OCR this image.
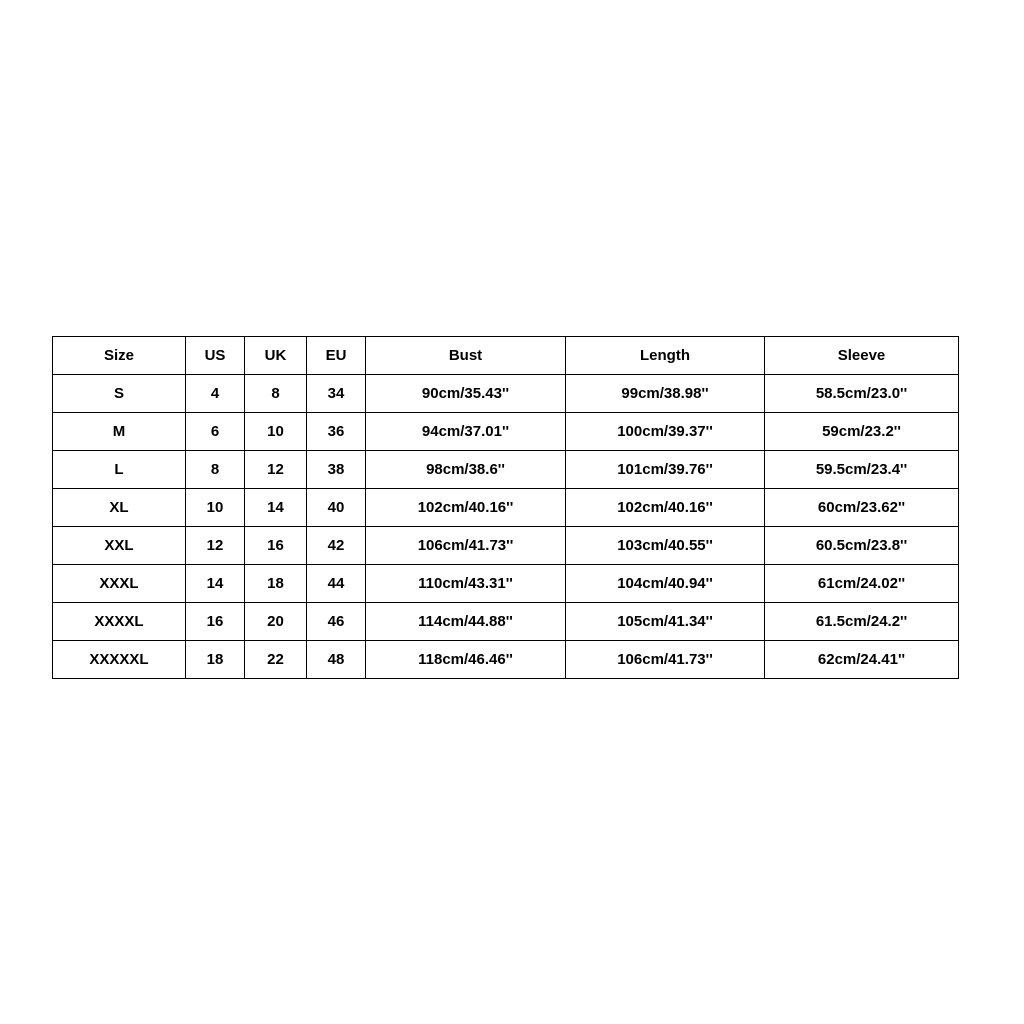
Size	US	UK	EU	Bust	Length	Sleeve
S	4	8	34	90cm/35.43''	99cm/38.98''	58.5cm/23.0''
M	6	10	36	94cm/37.01''	100cm/39.37''	59cm/23.2''
L	8	12	38	98cm/38.6''	101cm/39.76''	59.5cm/23.4''
XL	10	14	40	102cm/40.16''	102cm/40.16''	60cm/23.62''
XXL	12	16	42	106cm/41.73''	103cm/40.55''	60.5cm/23.8''
XXXL	14	18	44	110cm/43.31''	104cm/40.94''	61cm/24.02''
XXXXL	16	20	46	114cm/44.88''	105cm/41.34''	61.5cm/24.2''
XXXXXL	18	22	48	118cm/46.46''	106cm/41.73''	62cm/24.41''
